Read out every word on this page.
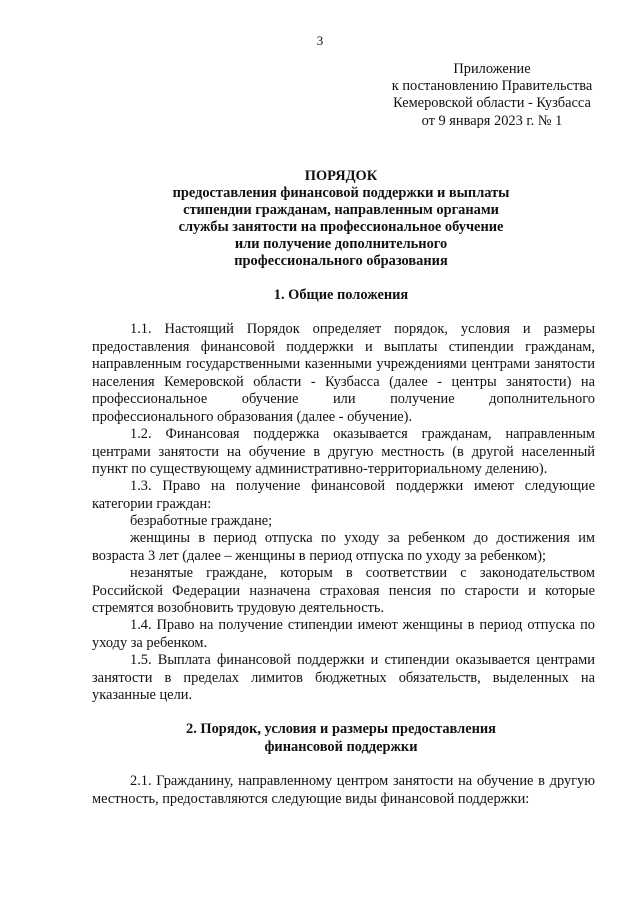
3
Приложение
к постановлению Правительства
Кемеровской области - Кузбасса
от 9 января 2023 г. № 1
ПОРЯДОК
предоставления финансовой поддержки и выплаты
стипендии гражданам, направленным органами
службы занятости на профессиональное обучение
или получение дополнительного
профессионального образования
1. Общие положения

1.1. Настоящий Порядок определяет порядок, условия и размеры предоставления финансовой поддержки и выплаты стипендии гражданам, направленным государственными казенными учреждениями центрами занятости населения Кемеровской области - Кузбасса (далее - центры занятости) на профессиональное обучение или получение дополнительного профессионального образования (далее - обучение).

1.2. Финансовая поддержка оказывается гражданам, направленным центрами занятости на обучение в другую местность (в другой населенный пункт по существующему административно-территориальному делению).

1.3. Право на получение финансовой поддержки имеют следующие категории граждан:

безработные граждане;

женщины в период отпуска по уходу за ребенком до достижения им возраста 3 лет (далее – женщины в период отпуска по уходу за ребенком);

незанятые граждане, которым в соответствии с законодательством Российской Федерации назначена страховая пенсия по старости и которые стремятся возобновить трудовую деятельность.

1.4. Право на получение стипендии имеют женщины в период отпуска по уходу за ребенком.

1.5. Выплата финансовой поддержки и стипендии оказывается центрами занятости в пределах лимитов бюджетных обязательств, выделенных на указанные цели.

2. Порядок, условия и размеры предоставления
финансовой поддержки

2.1. Гражданину, направленному центром занятости на обучение в другую местность, предоставляются следующие виды финансовой поддержки:
